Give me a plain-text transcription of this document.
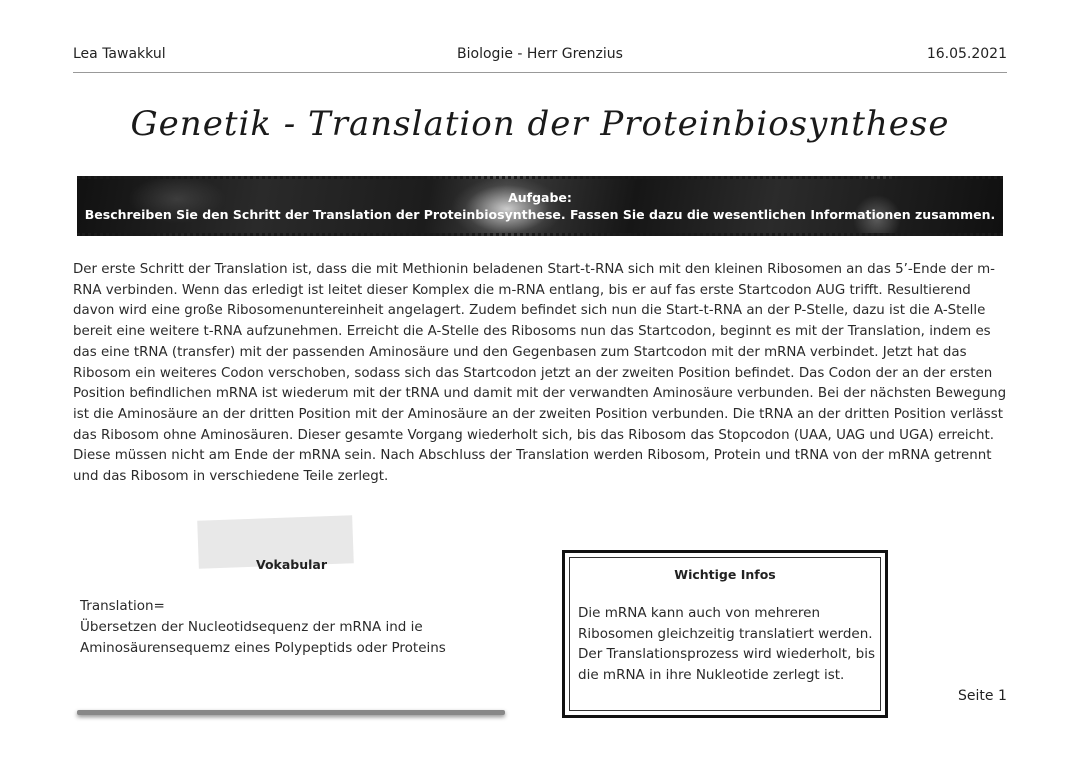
Lea Tawakkul	Biologie - Herr Grenzius	16.05.2021
Genetik - Translation der Proteinbiosynthese
Aufgabe:
Beschreiben Sie den Schritt der Translation der Proteinbiosynthese. Fassen Sie dazu die wesentlichen Informationen zusammen.
Der erste Schritt der Translation ist, dass die mit Methionin beladenen Start-t-RNA sich mit den kleinen Ribosomen an das 5’-Ende der m-RNA verbinden. Wenn das erledigt ist leitet dieser Komplex die m-RNA entlang, bis er auf fas erste Startcodon AUG trifft. Resultierend davon wird eine große Ribosomenuntereinheit angelagert. Zudem befindet sich nun die Start-t-RNA an der P-Stelle, dazu ist die A-Stelle bereit eine weitere t-RNA aufzunehmen. Erreicht die A-Stelle des Ribosoms nun das Startcodon, beginnt es mit der Translation, indem es das eine tRNA (transfer) mit der passenden Aminosäure und den Gegenbasen zum Startcodon mit der mRNA verbindet. Jetzt hat das Ribosom ein weiteres Codon verschoben, sodass sich das Startcodon jetzt an der zweiten Position befindet. Das Codon der an der ersten Position befindlichen mRNA ist wiederum mit der tRNA und damit mit der verwandten Aminosäure verbunden. Bei der nächsten Bewegung ist die Aminosäure an der dritten Position mit der Aminosäure an der zweiten Position verbunden. Die tRNA an der dritten Position verlässt das Ribosom ohne Aminosäuren. Dieser gesamte Vorgang wiederholt sich, bis das Ribosom das Stopcodon (UAA, UAG und UGA) erreicht. Diese müssen nicht am Ende der mRNA sein. Nach Abschluss der Translation werden Ribosom, Protein und tRNA von der mRNA getrennt und das Ribosom in verschiedene Teile zerlegt.
Vokabular
Translation=
Übersetzen der Nucleotidsequenz der mRNA ind ie Aminosäurensequemz eines Polypeptids oder Proteins
Wichtige Infos
Die mRNA kann auch von mehreren Ribosomen gleichzeitig translatiert werden. Der Translationsprozess wird wiederholt, bis die mRNA in ihre Nukleotide zerlegt ist.
Seite 1
